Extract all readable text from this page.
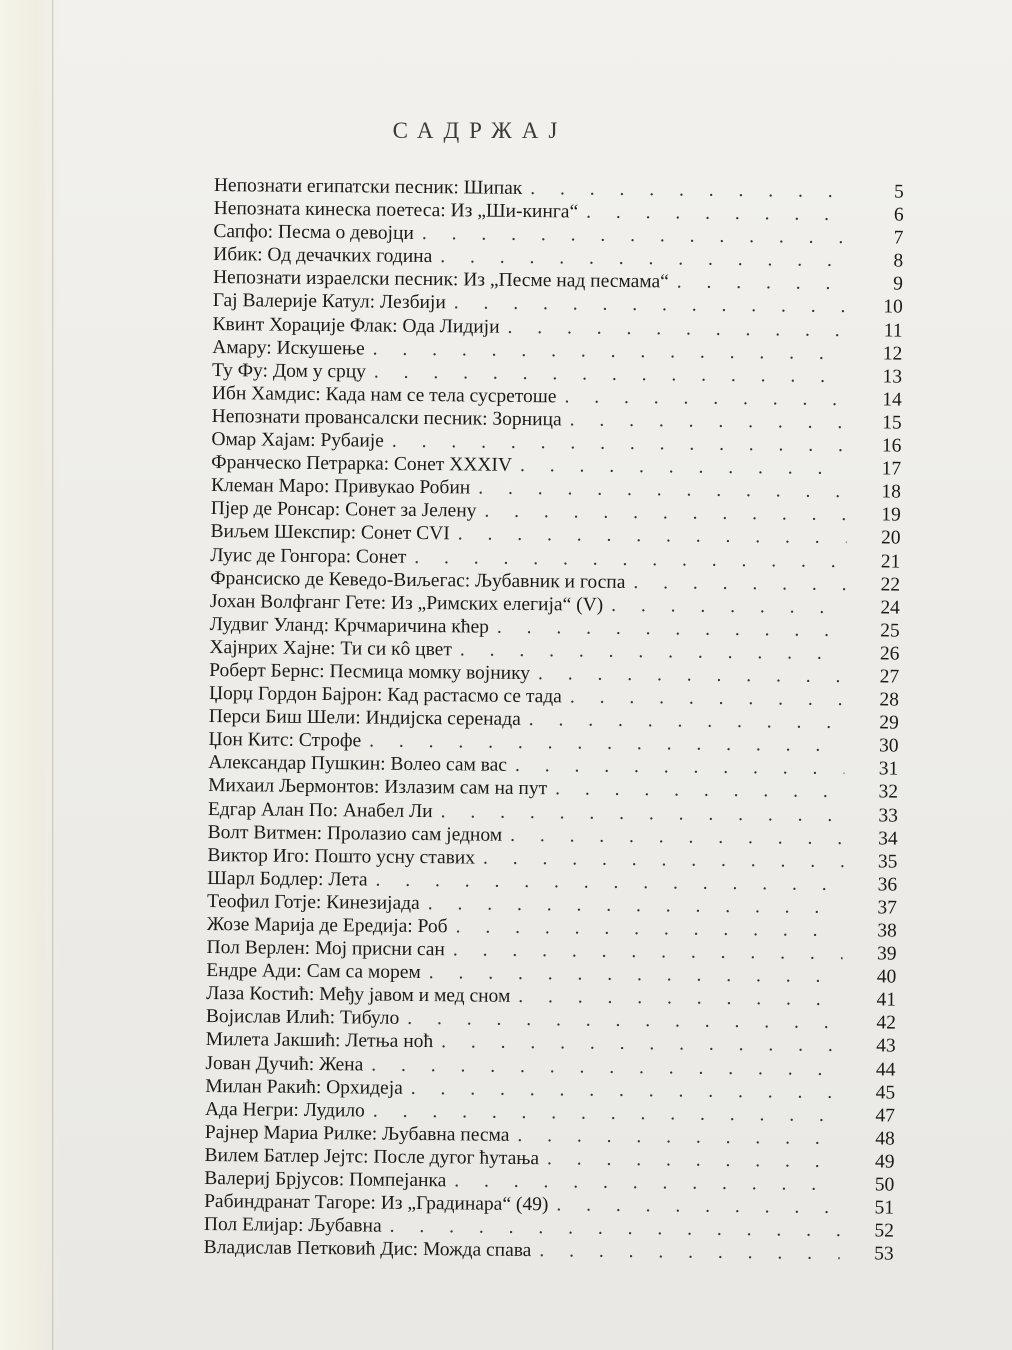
САДРЖАЈ
Непознати египатски песник: Шипак . . .	5
Непозната кинеска поетеса: Из „Ши-кинга“ . . .	6
Сапфо: Песма о девојци . . .	7
Ибик: Од дечачких година . . .	8
Непознати израелски песник: Из „Песме над песмама“ . . .	9
Гај Валерије Катул: Лезбији . . .	10
Квинт Хорације Флак: Ода Лидији . . .	11
Амару: Искушење . . .	12
Ту Фу: Дом у срцу . . .	13
Ибн Хамдис: Када нам се тела сусретоше . . .	14
Непознати провансалски песник: Зорница . . .	15
Омар Хајам: Рубаије . . .	16
Франческо Петрарка: Сонет XXXIV . . .	17
Клеман Маро: Привукао Робин . . .	18
Пјер де Ронсар: Сонет за Јелену . . .	19
Виљем Шекспир: Сонет CVI . . .	20
Луис де Гонгора: Сонет . . .	21
Франсиско де Кеведо-Виљегас: Љубавник и госпа . . .	22
Јохан Волфганг Гете: Из „Римских елегија“ (V) . . .	24
Лудвиг Уланд: Крчмаричина кћер . . .	25
Хајнрих Хајне: Ти си кô цвет . . .	26
Роберт Бернс: Песмица момку војнику . . .	27
Џорџ Гордон Бајрон: Кад растасмо се тада . . .	28
Перси Биш Шели: Индијска серенада . . .	29
Џон Китс: Строфе . . .	30
Александар Пушкин: Волео сам вас . . .	31
Михаил Љермонтов: Излазим сам на пут . . .	32
Едгар Алан По: Анабел Ли . . .	33
Волт Витмен: Пролазио сам једном . . .	34
Виктор Иго: Пошто усну ставих . . .	35
Шарл Бодлер: Лета . . .	36
Теофил Готје: Кинезијада . . .	37
Жозе Марија де Ередија: Роб . . .	38
Пол Верлен: Мој присни сан . . .	39
Ендре Ади: Сам са морем . . .	40
Лаза Костић: Међу јавом и мед сном . . .	41
Војислав Илић: Тибуло . . .	42
Милета Јакшић: Летња ноћ . . .	43
Јован Дучић: Жена . . .	44
Милан Ракић: Орхидеја . . .	45
Ада Негри: Лудило . . .	47
Рајнер Мариа Рилке: Љубавна песма . . .	48
Вилем Батлер Јејтс: После дугог ћутања . . .	49
Валериј Брјусов: Помпејанка . . .	50
Рабиндранат Тагоре: Из „Градинара“ (49) . . .	51
Пол Елијар: Љубавна . . .	52
Владислав Петковић Дис: Можда спава . . .	53
